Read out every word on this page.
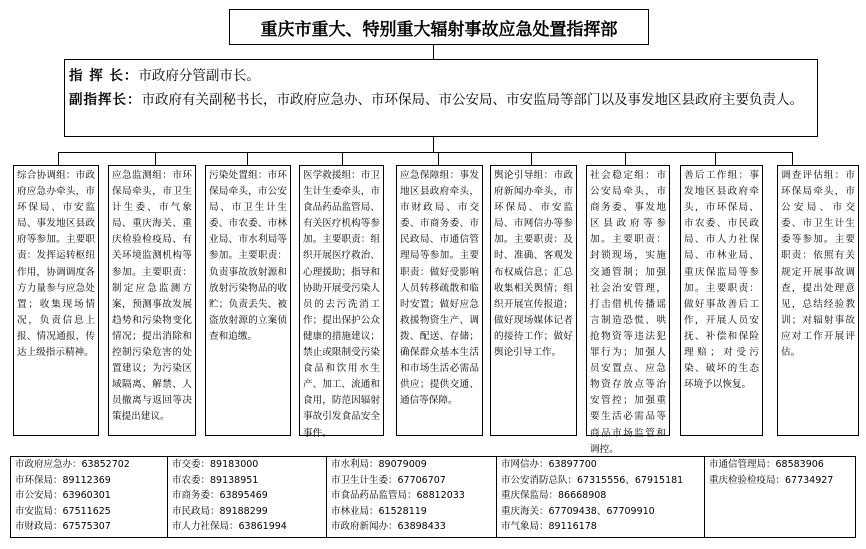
重庆市重大、特别重大辐射事故应急处置指挥部
指 挥 长： 市政府分管副市长。
副指挥长： 市政府有关副秘书长，市政府应急办、市环保局、市公安局、市安监局等部门以及事发地区县政府主要负责人。
综合协调组：市政府应急办牵头，市环保局、市安监局、事发地区县政府等参加。主要职责：发挥运转枢纽作用，协调调度各方力量参与应急处置；收集现场情况，负责信息上报、情况通报，传达上级指示精神。
应急监测组：市环保局牵头，市卫生计生委、市气象局、重庆海关、重庆检验检疫局、有关环境监测机构等参加。主要职责：制定应急监测方案，预测事故发展趋势和污染物变化情况；提出消除和控制污染危害的处置建议；为污染区域隔离、解禁、人员撤离与返回等决策提出建议。
污染处置组：市环保局牵头，市公安局、市卫生计生委、市农委、市林业局、市水利局等参加。主要职责：负责事故放射源和放射污染物品的收贮；负责丢失、被盗放射源的立案侦查和追缴。
医学救援组：市卫生计生委牵头，市食品药品监管局、有关医疗机构等参加。主要职责：组织开展医疗救治、心理援助；指导和协助开展受污染人员的去污洗消工作；提出保护公众健康的措施建议；禁止或限制受污染食品和饮用水生产、加工、流通和食用，防范因辐射事故引发食品安全事件。
应急保障组：事发地区县政府牵头，市财政局、市交委、市商务委、市民政局、市通信管理局等参加。主要职责：做好受影响人员转移疏散和临时安置；做好应急救援物资生产、调拨、配送、存储；确保群众基本生活和市场生活必需品供应；提供交通、通信等保障。
舆论引导组：市政府新闻办牵头，市环保局、市安监局、市网信办等参加。主要职责：及时、准确、客观发布权威信息；汇总收集相关舆情；组织开展宣传报道；做好现场媒体记者的接待工作；做好舆论引导工作。
社会稳定组：市公安局牵头，市商务委、事发地区县政府等参加。主要职责：封锁现场，实施交通管制；加强社会治安管理，打击借机传播谣言制造恐慌、哄抢物资等违法犯罪行为；加强人员安置点、应急物资存放点等治安管控；加强重要生活必需品等商品市场监管和调控。
善后工作组：事发地区县政府牵头，市环保局、市农委、市民政局、市人力社保局、市林业局、重庆保监局等参加。主要职责：做好事故善后工作，开展人员安抚、补偿和保险理赔；对受污染、破坏的生态环境予以恢复。
调查评估组：市环保局牵头，市公安局、市交委、市卫生计生委等参加。主要职责：依照有关规定开展事故调查，提出处理意见，总结经验教训；对辐射事故应对工作开展评估。
市政府应急办：63852702
市环保局：89112369
市公安局：63960301
市安监局：67511625
市财政局：67575307
市交委：89183000
市农委：89138951
市商务委：63895469
市民政局：89188299
市人力社保局：63861994
市水利局：89079009
市卫生计生委：67706707
市食品药品监管局：68812033
市林业局：61528119
市政府新闻办：63898433
市网信办：63897700
市公安消防总队：67315556、67915181
重庆保监局：86668908
重庆海关：67709438、67709910
市气象局：89116178
市通信管理局：68583906
重庆检验检疫局：67734927
